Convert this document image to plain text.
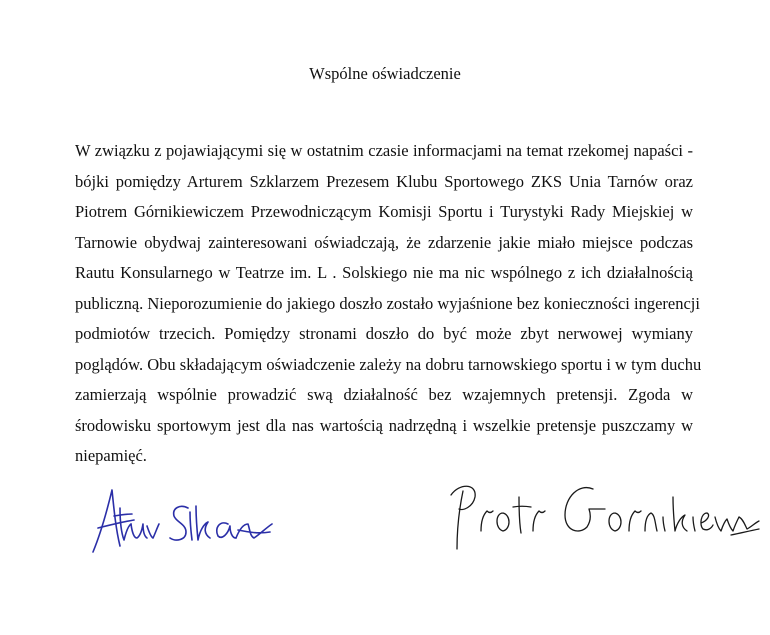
Wspólne oświadczenie
W związku z pojawiającymi się w ostatnim czasie informacjami na temat rzekomej napaści -
bójki pomiędzy Arturem Szklarzem Prezesem Klubu Sportowego ZKS Unia Tarnów oraz
Piotrem Górnikiewiczem Przewodniczącym Komisji Sportu i Turystyki Rady Miejskiej w
Tarnowie obydwaj zainteresowani oświadczają, że zdarzenie jakie miało miejsce podczas
Rautu Konsularnego w Teatrze im. L . Solskiego nie ma nic wspólnego z ich działalnością
publiczną. Nieporozumienie do jakiego doszło zostało wyjaśnione bez konieczności ingerencji
podmiotów trzecich. Pomiędzy stronami doszło do być może zbyt nerwowej wymiany
poglądów. Obu składającym oświadczenie zależy na dobru tarnowskiego sportu i w tym duchu
zamierzają wspólnie prowadzić swą działalność bez wzajemnych pretensji. Zgoda w
środowisku sportowym jest dla nas wartością nadrzędną i wszelkie pretensje puszczamy w
niepamięć.
